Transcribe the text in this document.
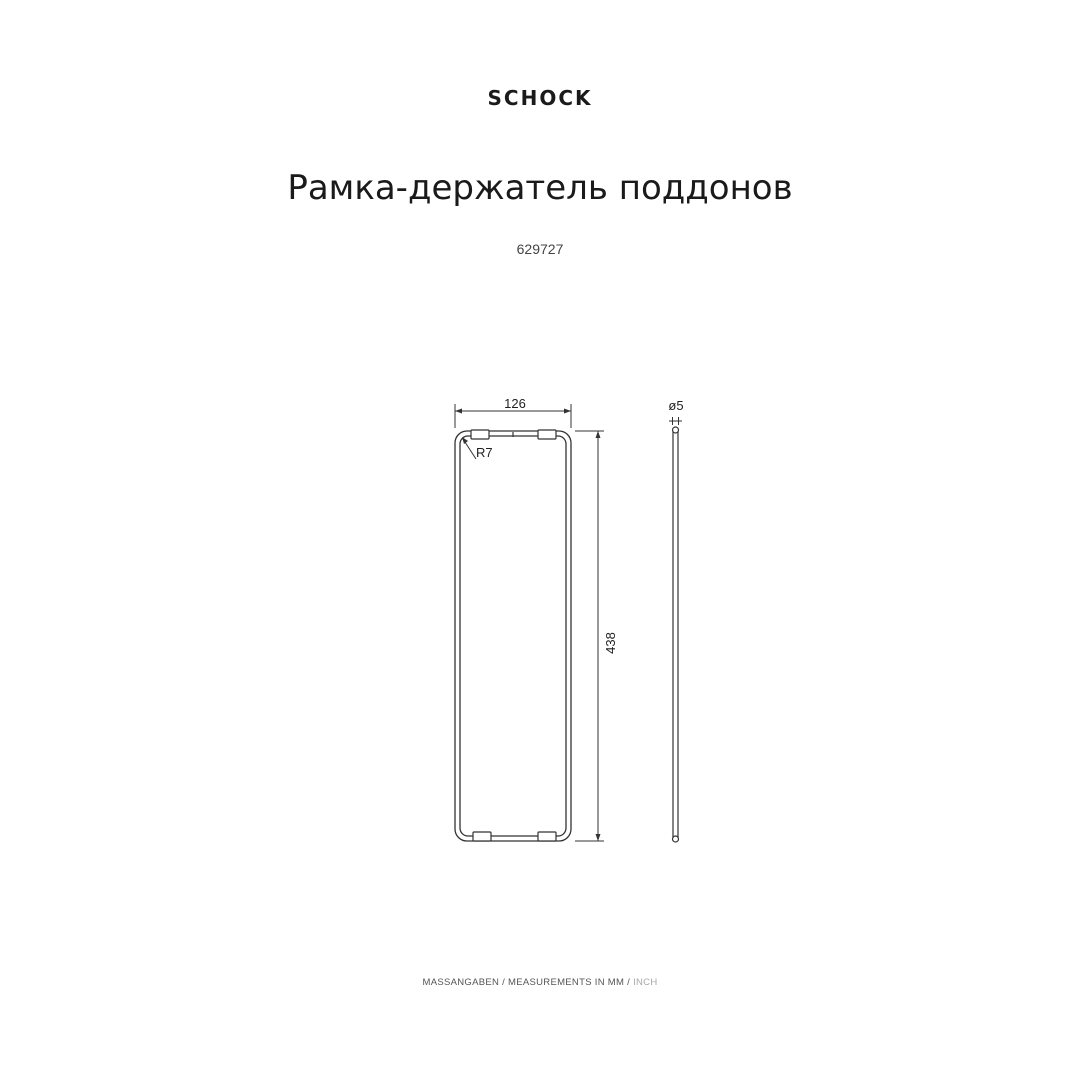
SCHOCK
Рамка-держатель поддонов
629727
126
R7
438
ø5
MASSANGABEN / MEASUREMENTS IN MM / INCH
